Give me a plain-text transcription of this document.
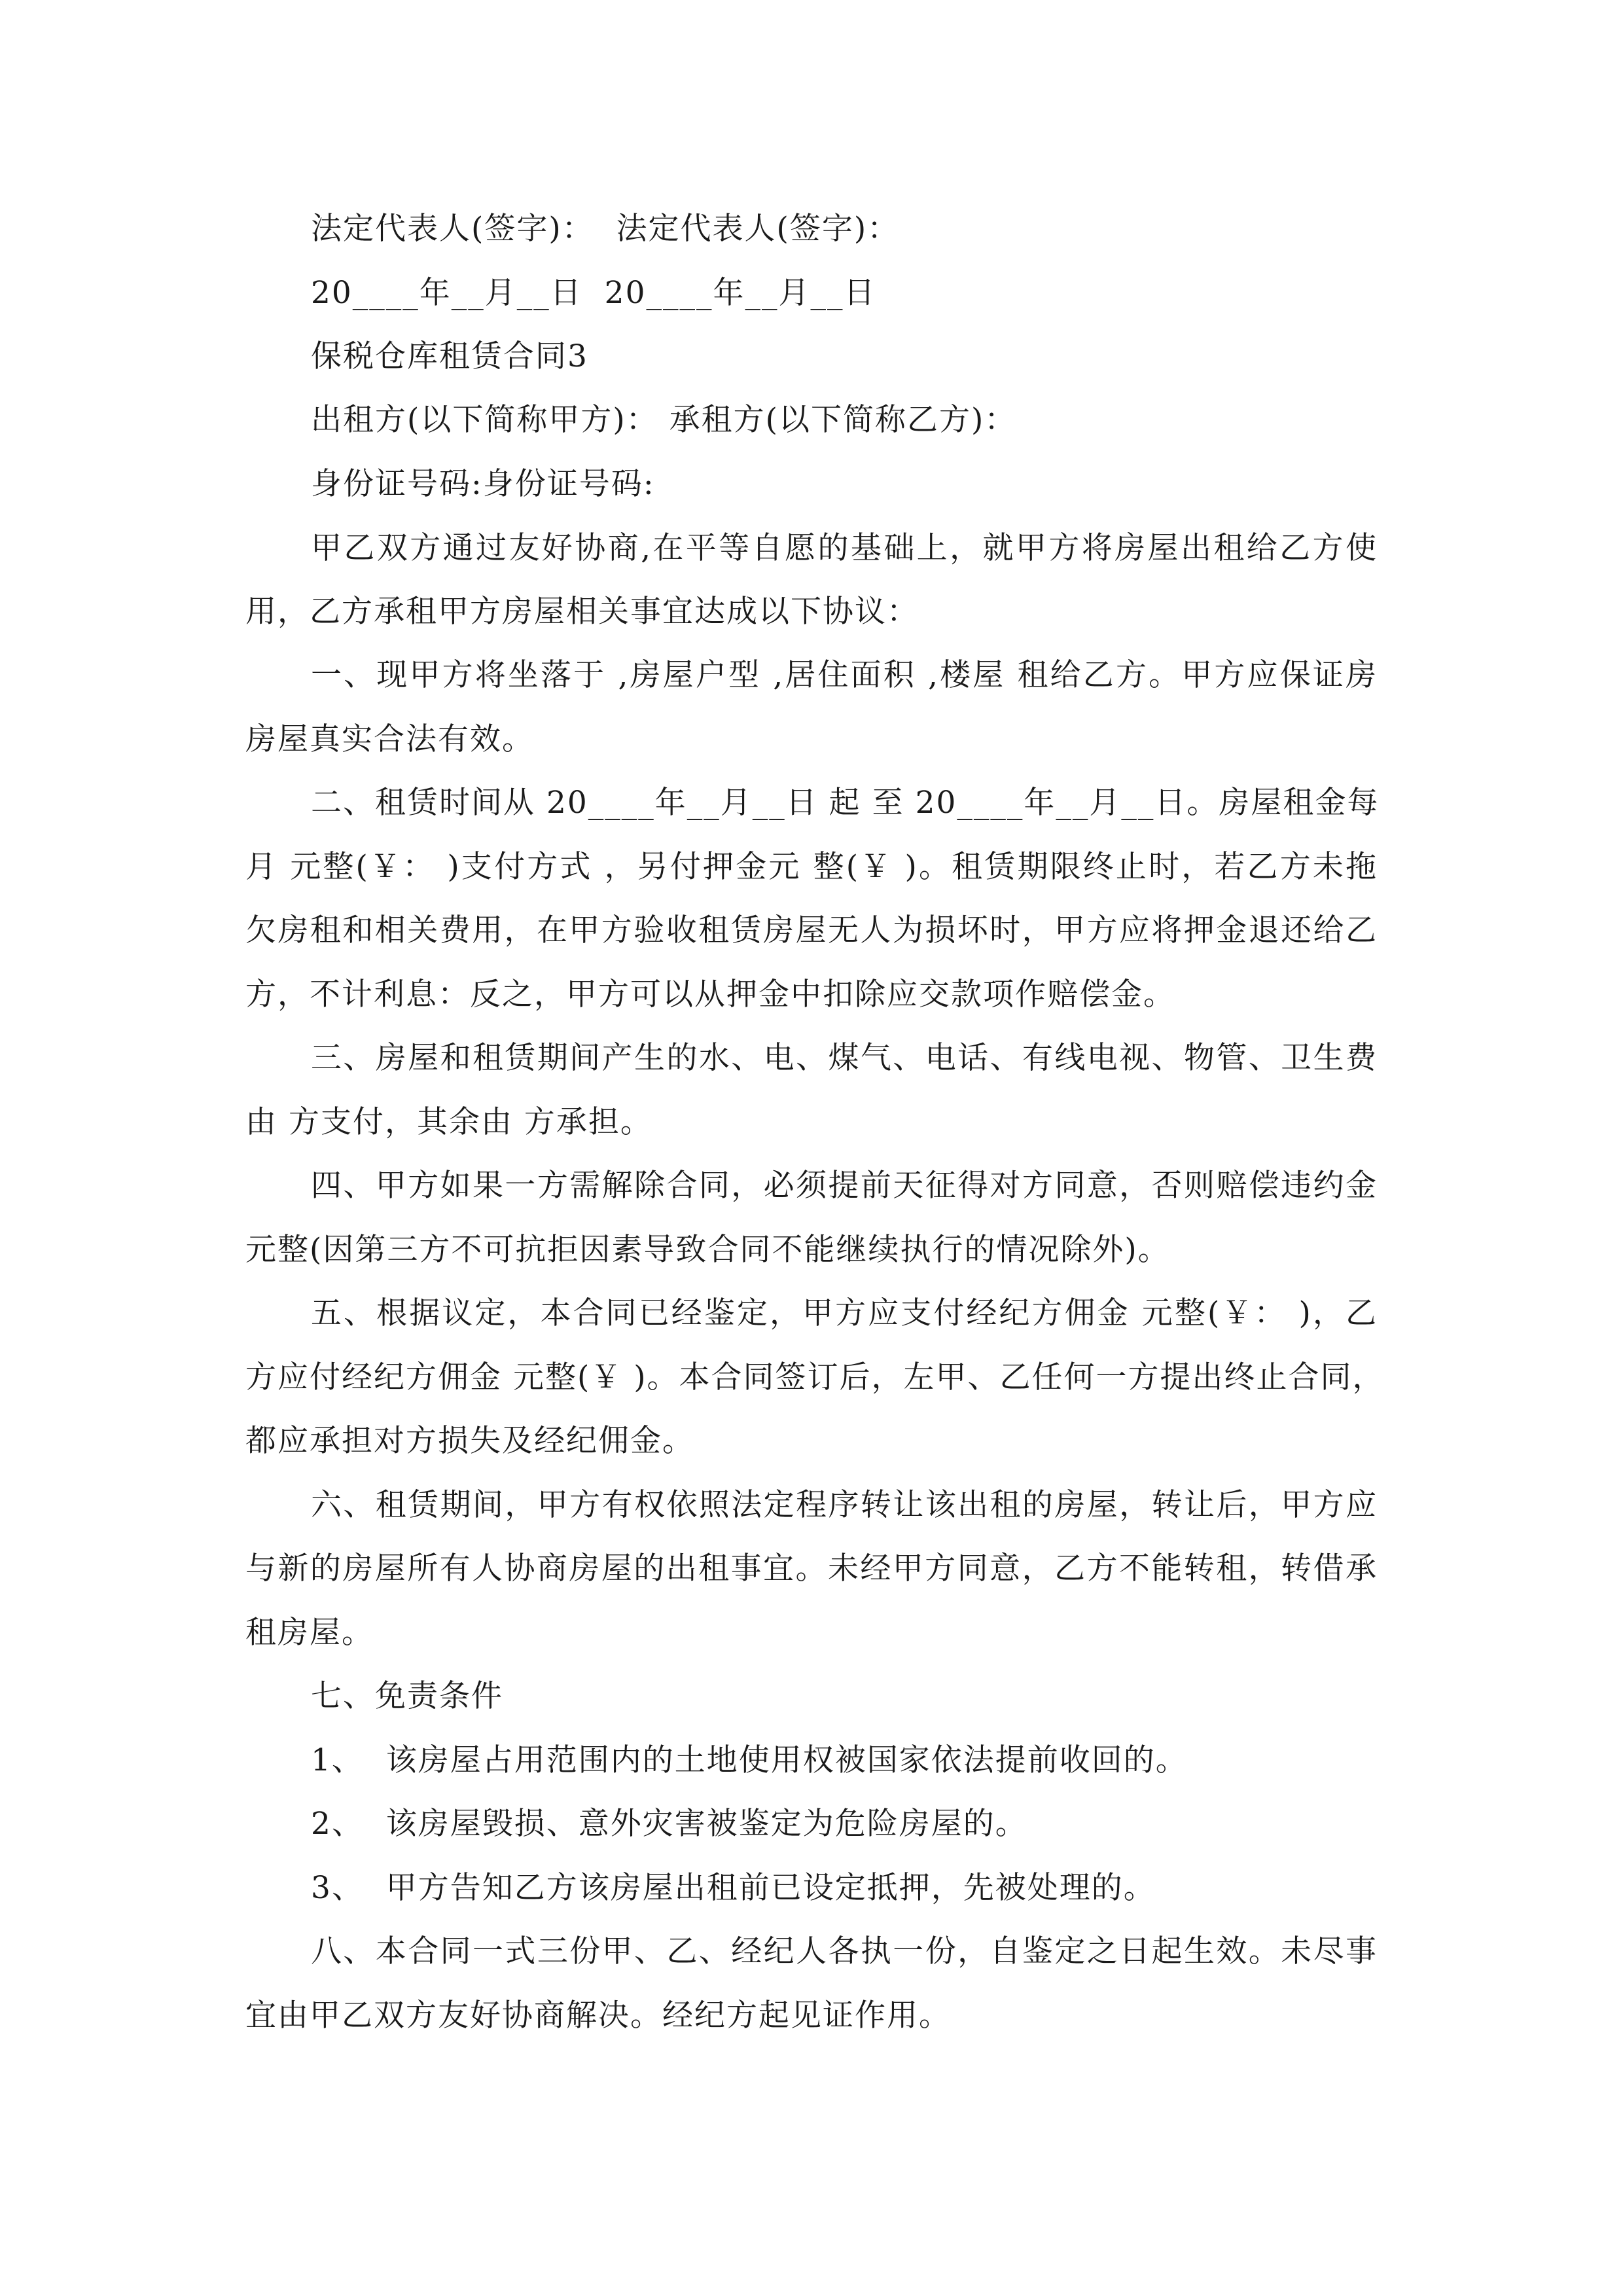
法定代表人(签字)：  法定代表人(签字)：
20____年__月__日  20____年__月__日
保税仓库租赁合同3
出租方(以下简称甲方)： 承租方(以下简称乙方)：
身份证号码:身份证号码:
甲乙双方通过友好协商,在平等自愿的基础上，就甲方将房屋出租给乙方使
用，乙方承租甲方房屋相关事宜达成以下协议：
一、现甲方将坐落于 ,房屋户型 ,居住面积 ,楼屋 租给乙方。甲方应保证房
房屋真实合法有效。
二、租赁时间从 20____年__月__日 起 至 20____年__月__日。房屋租金每
月 元整(￥： )支付方式 ，另付押金元 整(￥ )。租赁期限终止时，若乙方未拖
欠房租和相关费用，在甲方验收租赁房屋无人为损坏时，甲方应将押金退还给乙
方，不计利息：反之，甲方可以从押金中扣除应交款项作赔偿金。
三、房屋和租赁期间产生的水、电、煤气、电话、有线电视、物管、卫生费
由 方支付，其余由 方承担。
四、甲方如果一方需解除合同，必须提前天征得对方同意，否则赔偿违约金
元整(因第三方不可抗拒因素导致合同不能继续执行的情况除外)。
五、根据议定，本合同已经鉴定，甲方应支付经纪方佣金 元整(￥： )，乙
方应付经纪方佣金 元整(￥ )。本合同签订后，左甲、乙任何一方提出终止合同，
都应承担对方损失及经纪佣金。
六、租赁期间，甲方有权依照法定程序转让该出租的房屋，转让后，甲方应
与新的房屋所有人协商房屋的出租事宜。未经甲方同意，乙方不能转租，转借承
租房屋。
七、免责条件
1、  该房屋占用范围内的土地使用权被国家依法提前收回的。
2、  该房屋毁损、意外灾害被鉴定为危险房屋的。
3、  甲方告知乙方该房屋出租前已设定抵押，先被处理的。
八、本合同一式三份甲、乙、经纪人各执一份，自鉴定之日起生效。未尽事
宜由甲乙双方友好协商解决。经纪方起见证作用。
